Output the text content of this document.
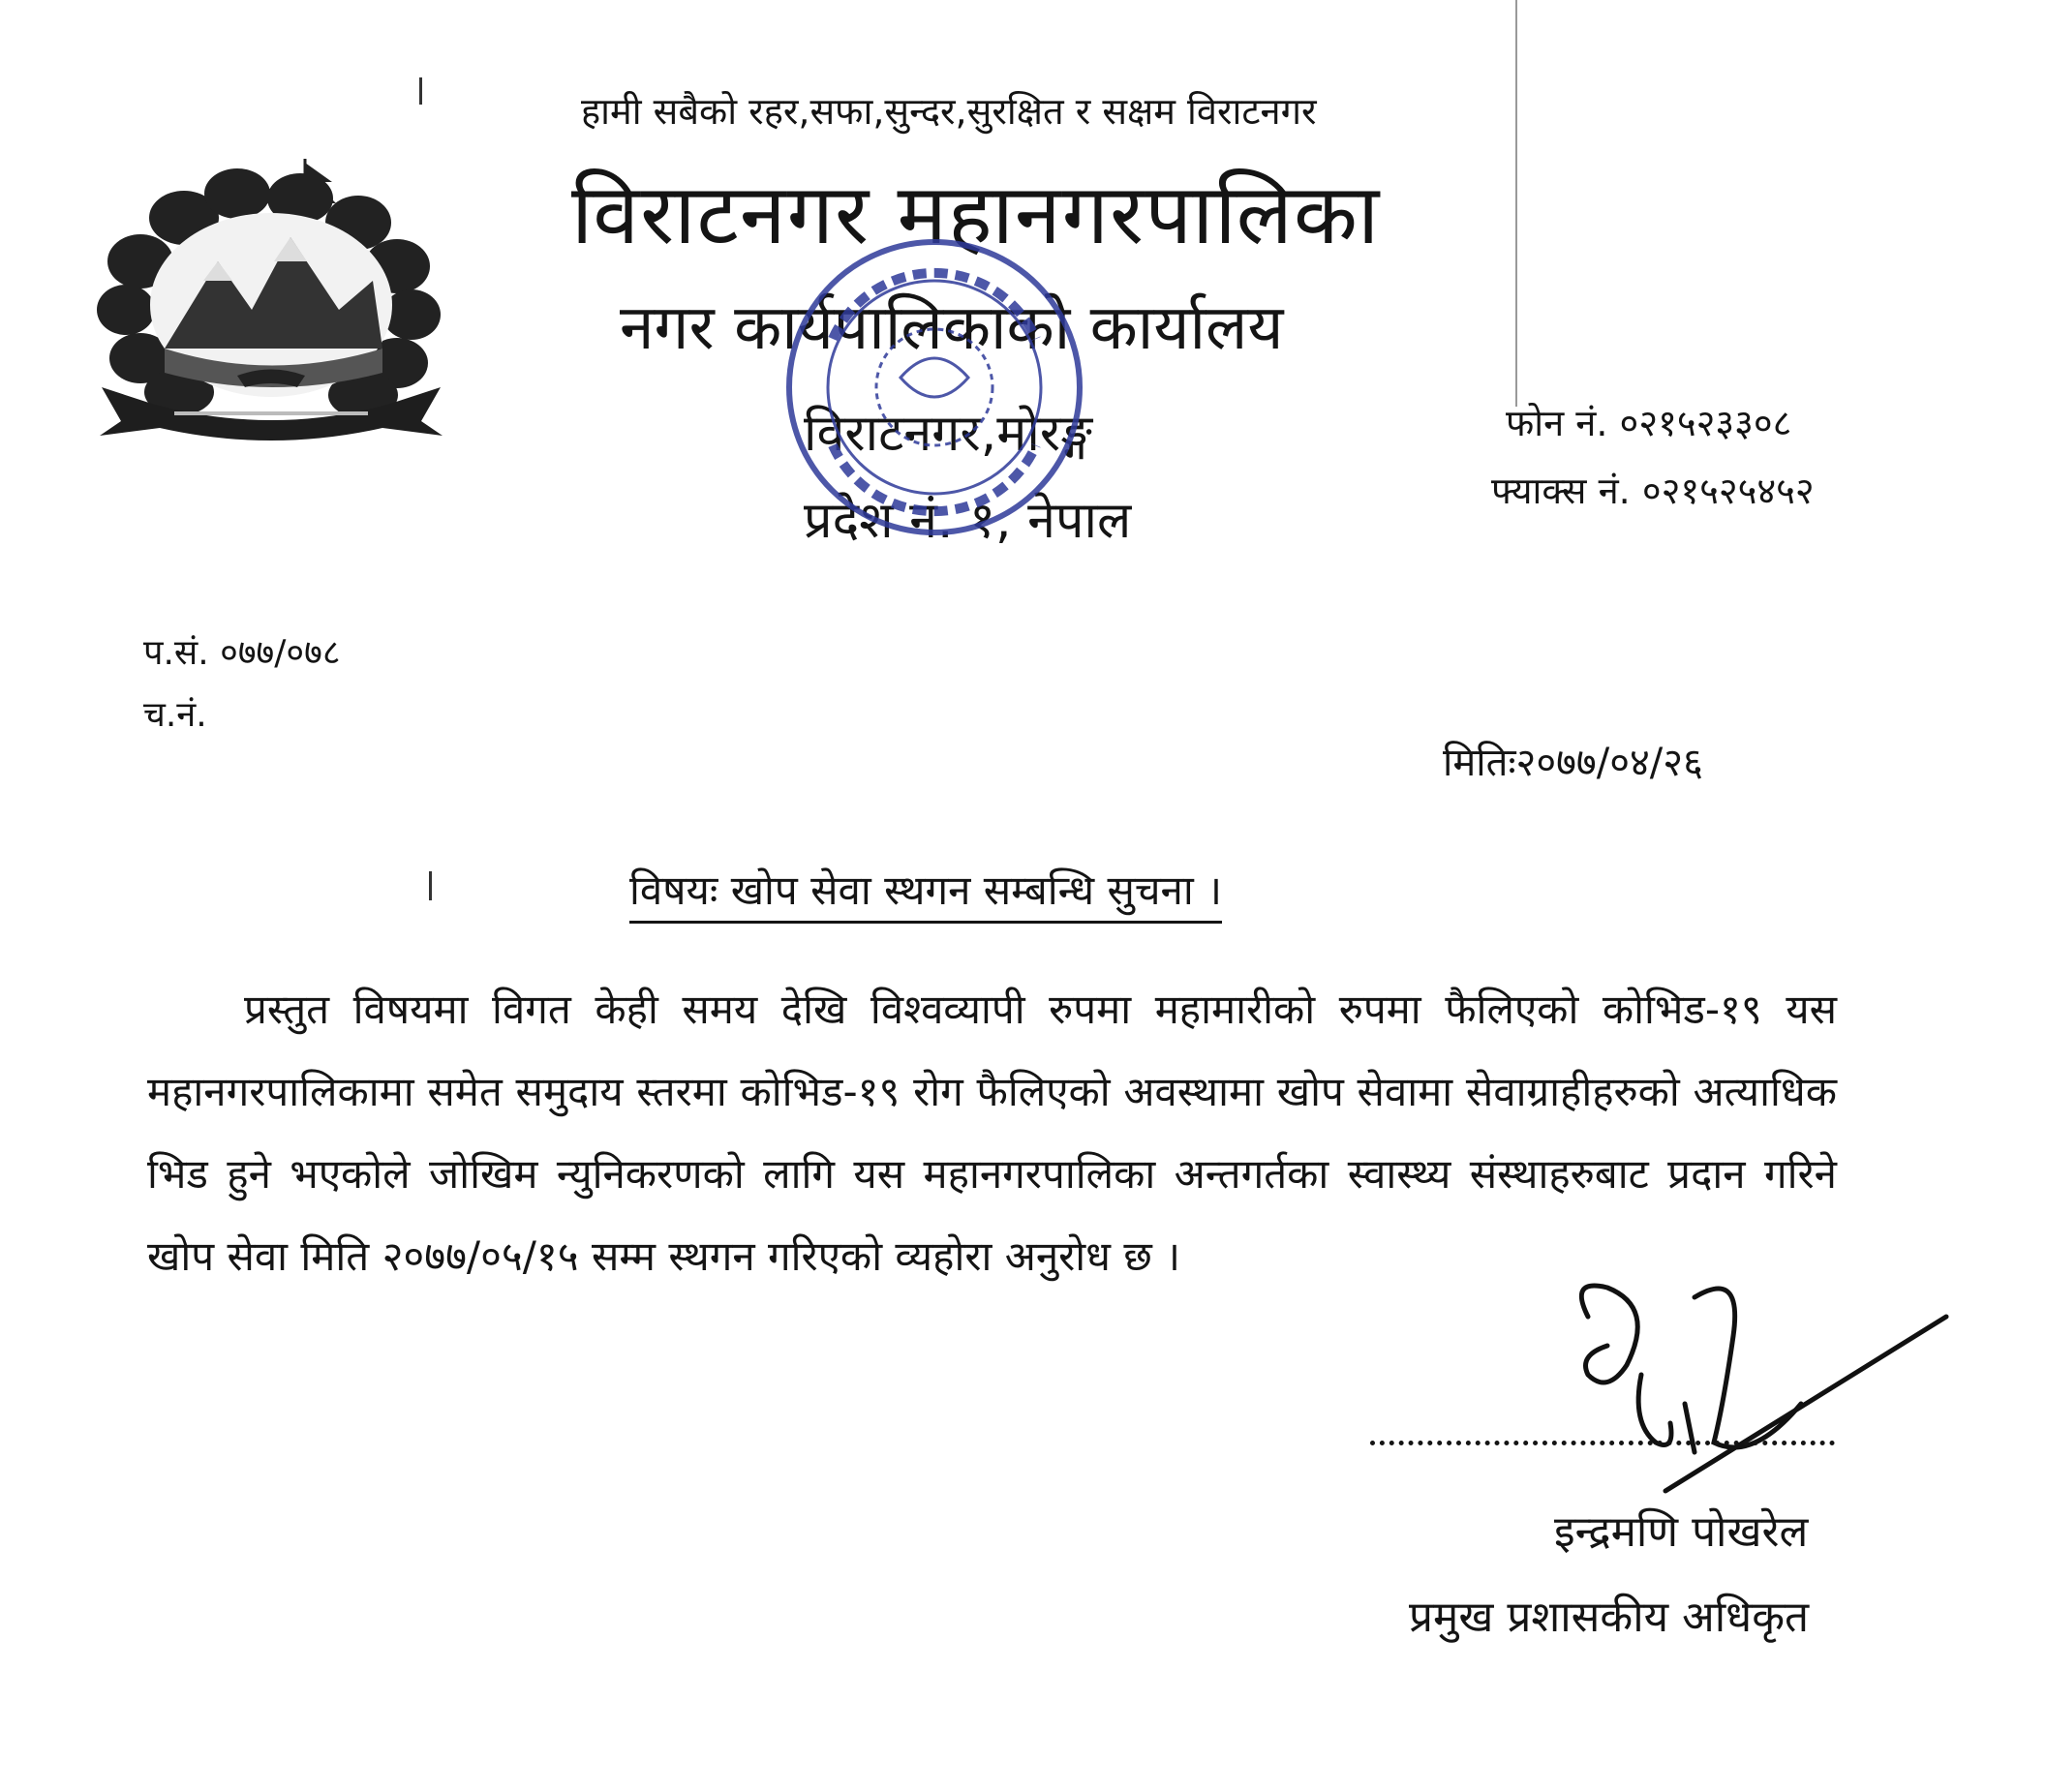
हामी सबैको रहर,सफा,सुन्दर,सुरक्षित र सक्षम विराटनगर
विराटनगर महानगरपालिका
नगर कार्यपालिकाको कार्यालय
विराटनगर,मोरङ्ग
प्रदेश नं. १, नेपाल
फोन नं. ०२१५२३३०८
फ्याक्स नं. ०२१५२५४५२
प.सं. ०७७/०७८
च.नं.
मितिः२०७७/०४/२६
विषयः खोप सेवा स्थगन सम्बन्धि सुचना ।
प्रस्तुत विषयमा विगत केही समय देखि विश्वव्यापी रुपमा महामारीको रुपमा फैलिएको कोभिड-१९ यस महानगरपालिकामा समेत समुदाय स्तरमा कोभिड-१९ रोग फैलिएको अवस्थामा खोप सेवामा सेवाग्राहीहरुको अत्याधिक भिड हुने भएकोले जोखिम न्युनिकरणको लागि यस महानगरपालिका अन्तगर्तका स्वास्थ्य संस्थाहरुबाट प्रदान गरिने खोप सेवा मिति २०७७/०५/१५ सम्म स्थगन गरिएको व्यहोरा अनुरोध छ ।
इन्द्रमणि पोखरेल
प्रमुख प्रशासकीय अधिकृत
